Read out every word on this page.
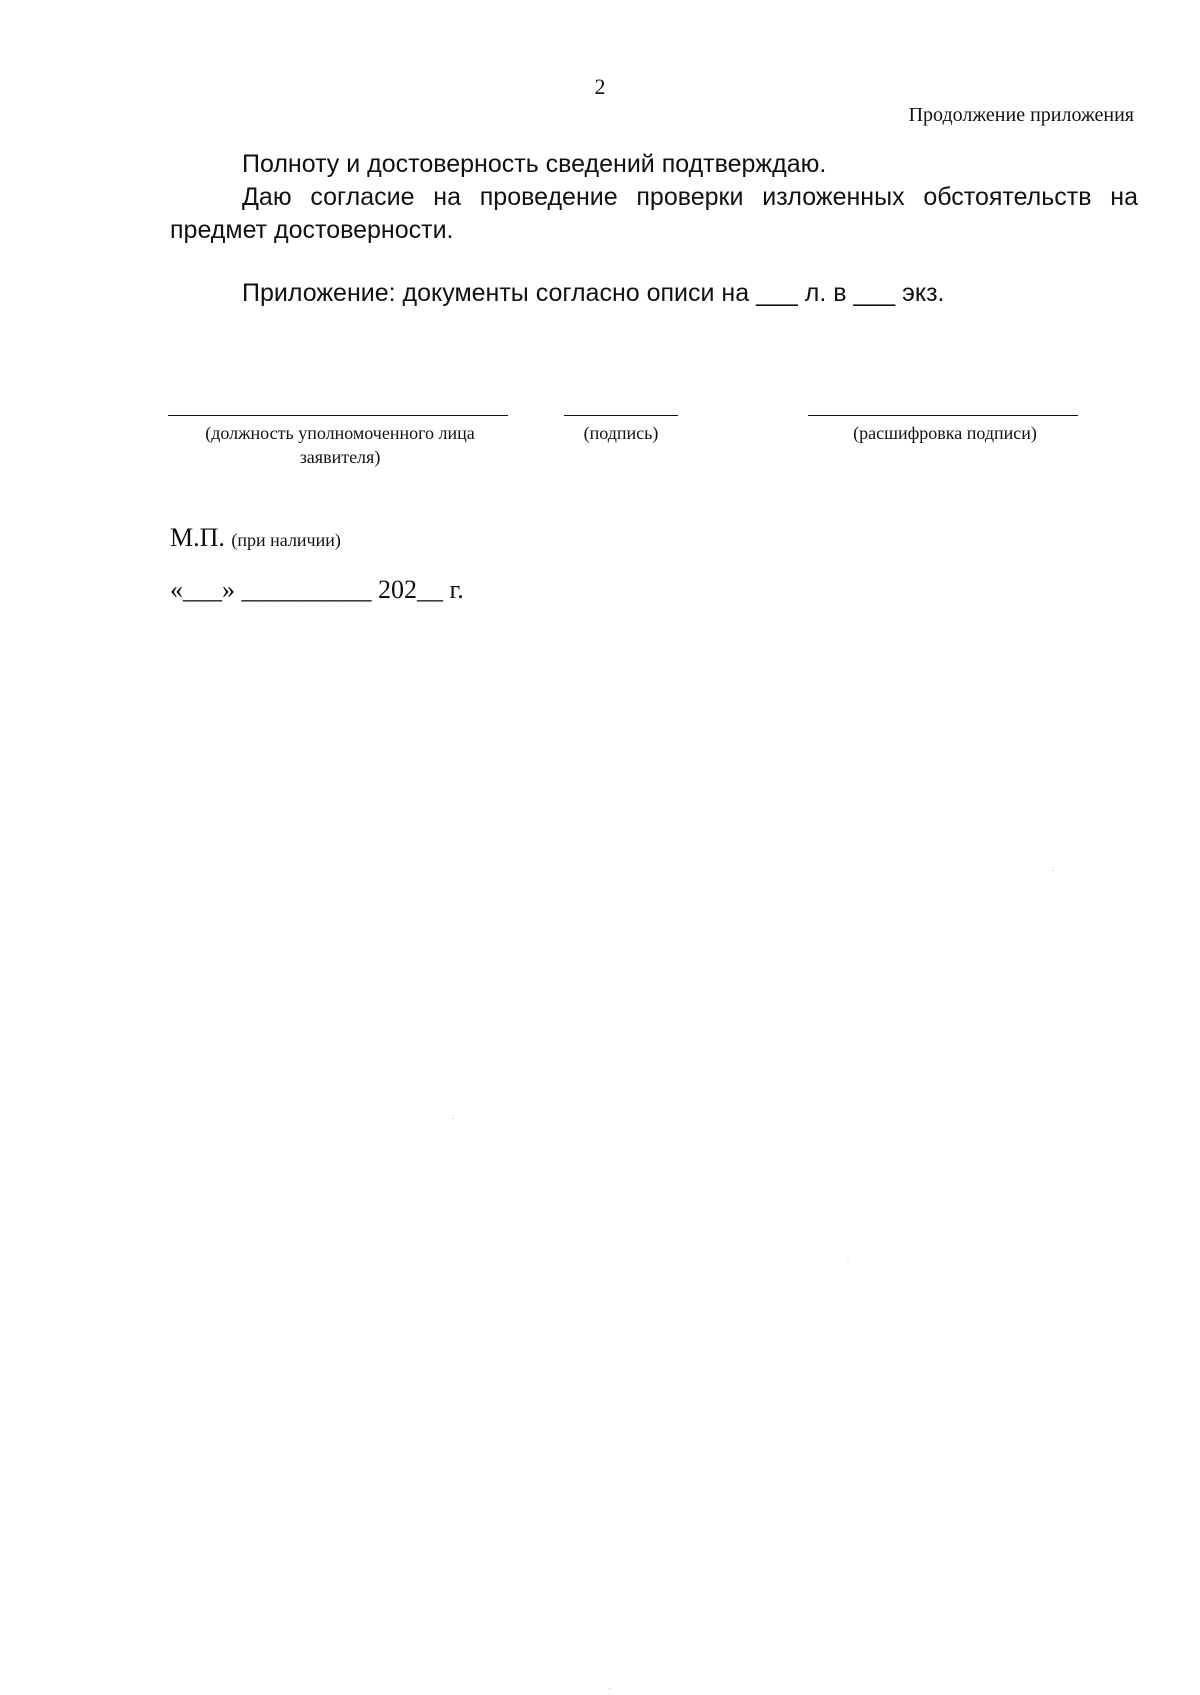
2
Продолжение приложения

Полноту и достоверность сведений подтверждаю.

Даю согласие на проведение проверки изложенных обстоятельств на предмет достоверности.

Приложение: документы согласно описи на ___ л. в ___ экз.

(должность уполномоченного лица заявителя)
(подпись)	(расшифровка подписи)
М.П. (при наличии)
«___» __________ 202__ г.
